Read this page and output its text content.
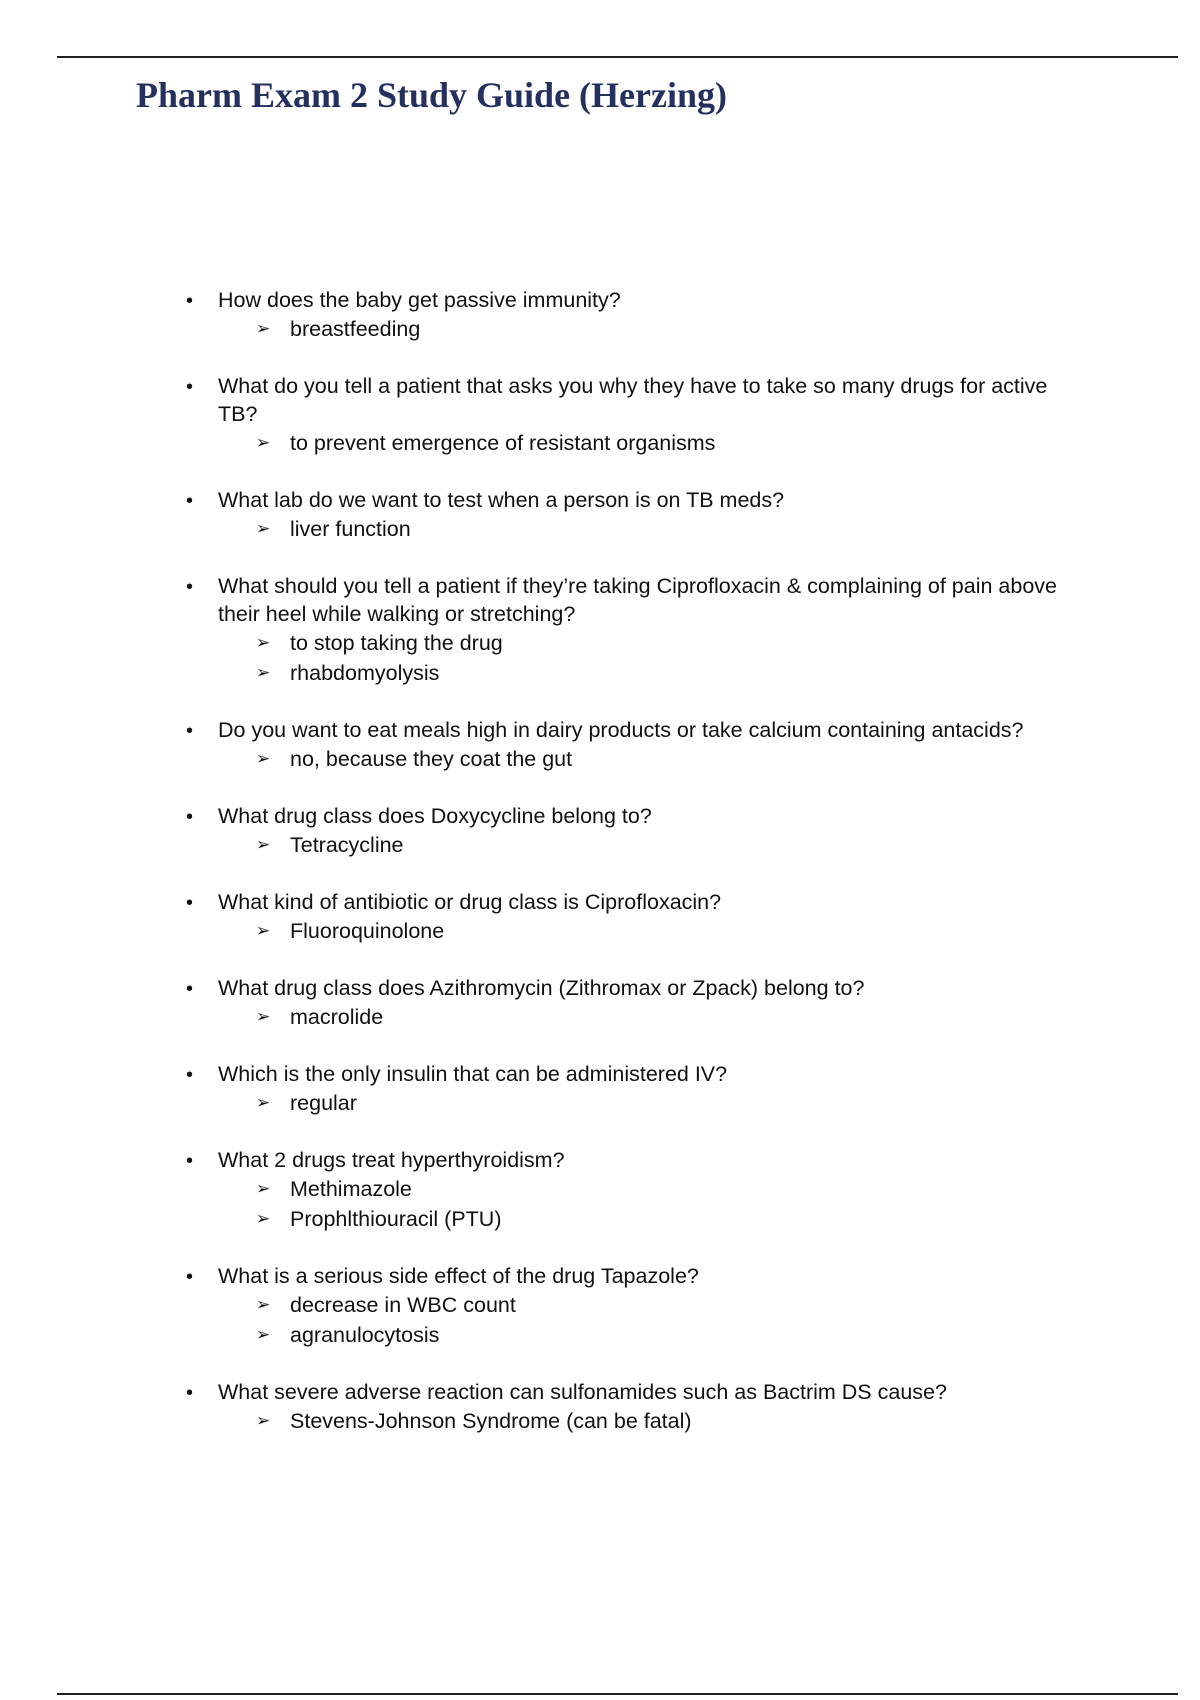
Pharm Exam 2 Study Guide (Herzing)
• How does the baby get passive immunity?
➢ breastfeeding
• What do you tell a patient that asks you why they have to take so many drugs for active TB?
➢ to prevent emergence of resistant organisms
• What lab do we want to test when a person is on TB meds?
➢ liver function
• What should you tell a patient if they’re taking Ciprofloxacin & complaining of pain above their heel while walking or stretching?
➢ to stop taking the drug
➢ rhabdomyolysis
• Do you want to eat meals high in dairy products or take calcium containing antacids?
➢ no, because they coat the gut
• What drug class does Doxycycline belong to?
➢ Tetracycline
• What kind of antibiotic or drug class is Ciprofloxacin?
➢ Fluoroquinolone
• What drug class does Azithromycin (Zithromax or Zpack) belong to?
➢ macrolide
• Which is the only insulin that can be administered IV?
➢ regular
• What 2 drugs treat hyperthyroidism?
➢ Methimazole
➢ Prophlthiouracil (PTU)
• What is a serious side effect of the drug Tapazole?
➢ decrease in WBC count
➢ agranulocytosis
• What severe adverse reaction can sulfonamides such as Bactrim DS cause?
➢ Stevens-Johnson Syndrome (can be fatal)
